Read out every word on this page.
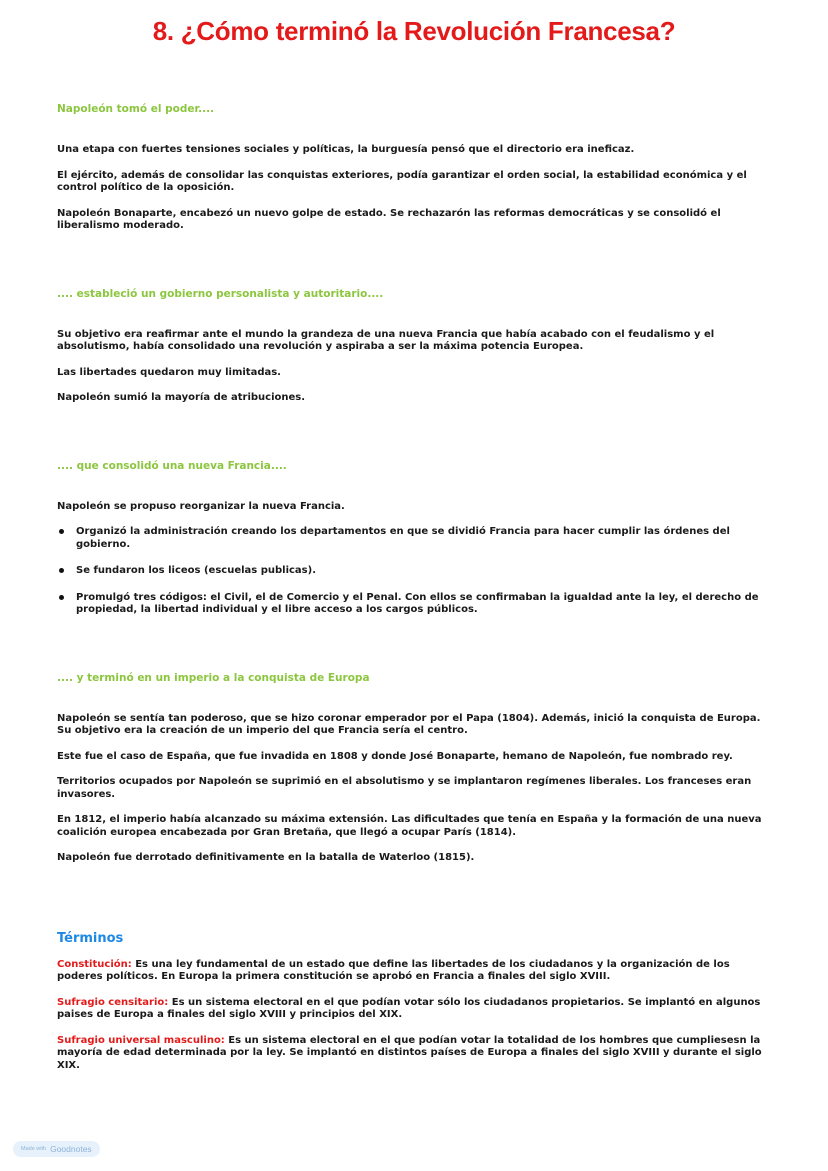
8. ¿Cómo terminó la Revolución Francesa?

Napoleón tomó el poder....

Una etapa con fuertes tensiones sociales y políticas, la burguesía pensó que el directorio era ineficaz.

El ejército, además de consolidar las conquistas exteriores, podía garantizar el orden social, la estabilidad económica y el control político de la oposición.

Napoleón Bonaparte, encabezó un nuevo golpe de estado. Se rechazarón las reformas democráticas y se consolidó el liberalismo moderado.

.... estableció un gobierno personalista y autoritario....

Su objetivo era reafirmar ante el mundo la grandeza de una nueva Francia que había acabado con el feudalismo y el absolutismo, había consolidado una revolución y aspiraba a ser la máxima potencia Europea.

Las libertades quedaron muy limitadas.

Napoleón sumió la mayoría de atribuciones.

.... que consolidó una nueva Francia....

Napoleón se propuso reorganizar la nueva Francia.

Organizó la administración creando los departamentos en que se dividió Francia para hacer cumplir las órdenes del gobierno.
Se fundaron los liceos (escuelas publicas).
Promulgó tres códigos: el Civil, el de Comercio y el Penal. Con ellos se confirmaban la igualdad ante la ley, el derecho de propiedad, la libertad individual y el libre acceso a los cargos públicos.

.... y terminó en un imperio a la conquista de Europa

Napoleón se sentía tan poderoso, que se hizo coronar emperador por el Papa (1804). Además, inició la conquista de Europa. Su objetivo era la creación de un imperio del que Francia sería el centro.

Este fue el caso de España, que fue invadida en 1808 y donde José Bonaparte, hemano de Napoleón, fue nombrado rey.

Territorios ocupados por Napoleón se suprimió en el absolutismo y se implantaron regímenes liberales. Los franceses eran invasores.

En 1812, el imperio había alcanzado su máxima extensión. Las dificultades que tenía en España y la formación de una nueva coalición europea encabezada por Gran Bretaña, que llegó a ocupar París (1814).

Napoleón fue derrotado definitivamente en la batalla de Waterloo (1815).

Términos

Constitución: Es una ley fundamental de un estado que define las libertades de los ciudadanos y la organización de los poderes políticos. En Europa la primera constitución se aprobó en Francia a finales del siglo XVIII.

Sufragio censitario: Es un sistema electoral en el que podían votar sólo los ciudadanos propietarios. Se implantó en algunos paises de Europa a finales del siglo XVIII y principios del XIX.

Sufragio universal masculino: Es un sistema electoral en el que podían votar la totalidad de los hombres que cumpliesesn la mayoría de edad determinada por la ley. Se implantó en distintos países de Europa a finales del siglo XVIII y durante el siglo XIX.

Made with Goodnotes
